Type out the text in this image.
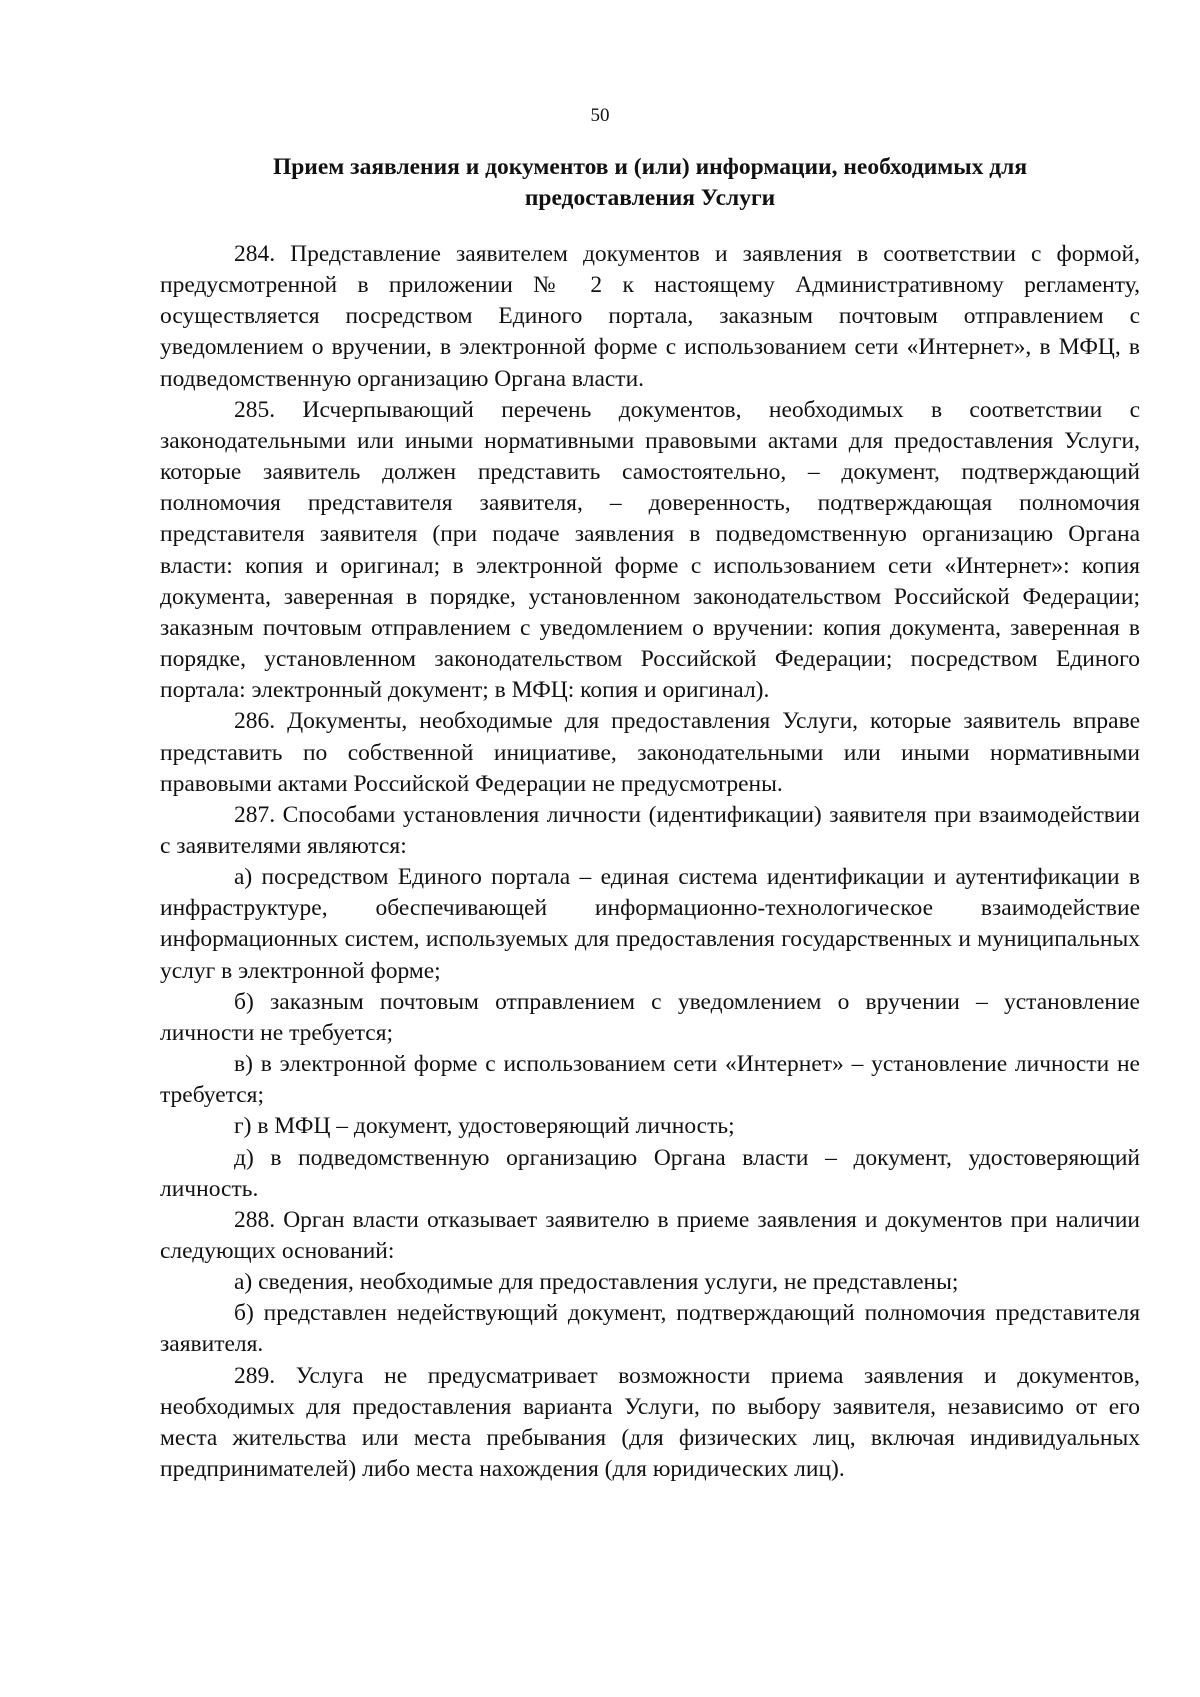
50
Прием заявления и документов и (или) информации, необходимых для
предоставления Услуги

284. Представление заявителем документов и заявления в соответствии с формой, предусмотренной в приложении № 2 к настоящему Административному регламенту, осуществляется посредством Единого портала, заказным почтовым отправлением с уведомлением о вручении, в электронной форме с использованием сети «Интернет», в МФЦ, в подведомственную организацию Органа власти.

285. Исчерпывающий перечень документов, необходимых в соответствии с законодательными или иными нормативными правовыми актами для предоставления Услуги, которые заявитель должен представить самостоятельно, – документ, подтверждающий полномочия представителя заявителя, – доверенность, подтверждающая полномочия представителя заявителя (при подаче заявления в подведомственную организацию Органа власти: копия и оригинал; в электронной форме с использованием сети «Интернет»: копия документа, заверенная в порядке, установленном законодательством Российской Федерации; заказным почтовым отправлением с уведомлением о вручении: копия документа, заверенная в порядке, установленном законодательством Российской Федерации; посредством Единого портала: электронный документ; в МФЦ: копия и оригинал).

286. Документы, необходимые для предоставления Услуги, которые заявитель вправе представить по собственной инициативе, законодательными или иными нормативными правовыми актами Российской Федерации не предусмотрены.

287. Способами установления личности (идентификации) заявителя при взаимодействии с заявителями являются:

а) посредством Единого портала – единая система идентификации и аутентификации в инфраструктуре, обеспечивающей информационно-технологическое взаимодействие информационных систем, используемых для предоставления государственных и муниципальных услуг в электронной форме;

б) заказным почтовым отправлением с уведомлением о вручении – установление личности не требуется;

в) в электронной форме с использованием сети «Интернет» – установление личности не требуется;

г) в МФЦ – документ, удостоверяющий личность;

д) в подведомственную организацию Органа власти – документ, удостоверяющий личность.

288. Орган власти отказывает заявителю в приеме заявления и документов при наличии следующих оснований:

а) сведения, необходимые для предоставления услуги, не представлены;

б) представлен недействующий документ, подтверждающий полномочия представителя заявителя.

289. Услуга не предусматривает возможности приема заявления и документов, необходимых для предоставления варианта Услуги, по выбору заявителя, независимо от его места жительства или места пребывания (для физических лиц, включая индивидуальных предпринимателей) либо места нахождения (для юридических лиц).
